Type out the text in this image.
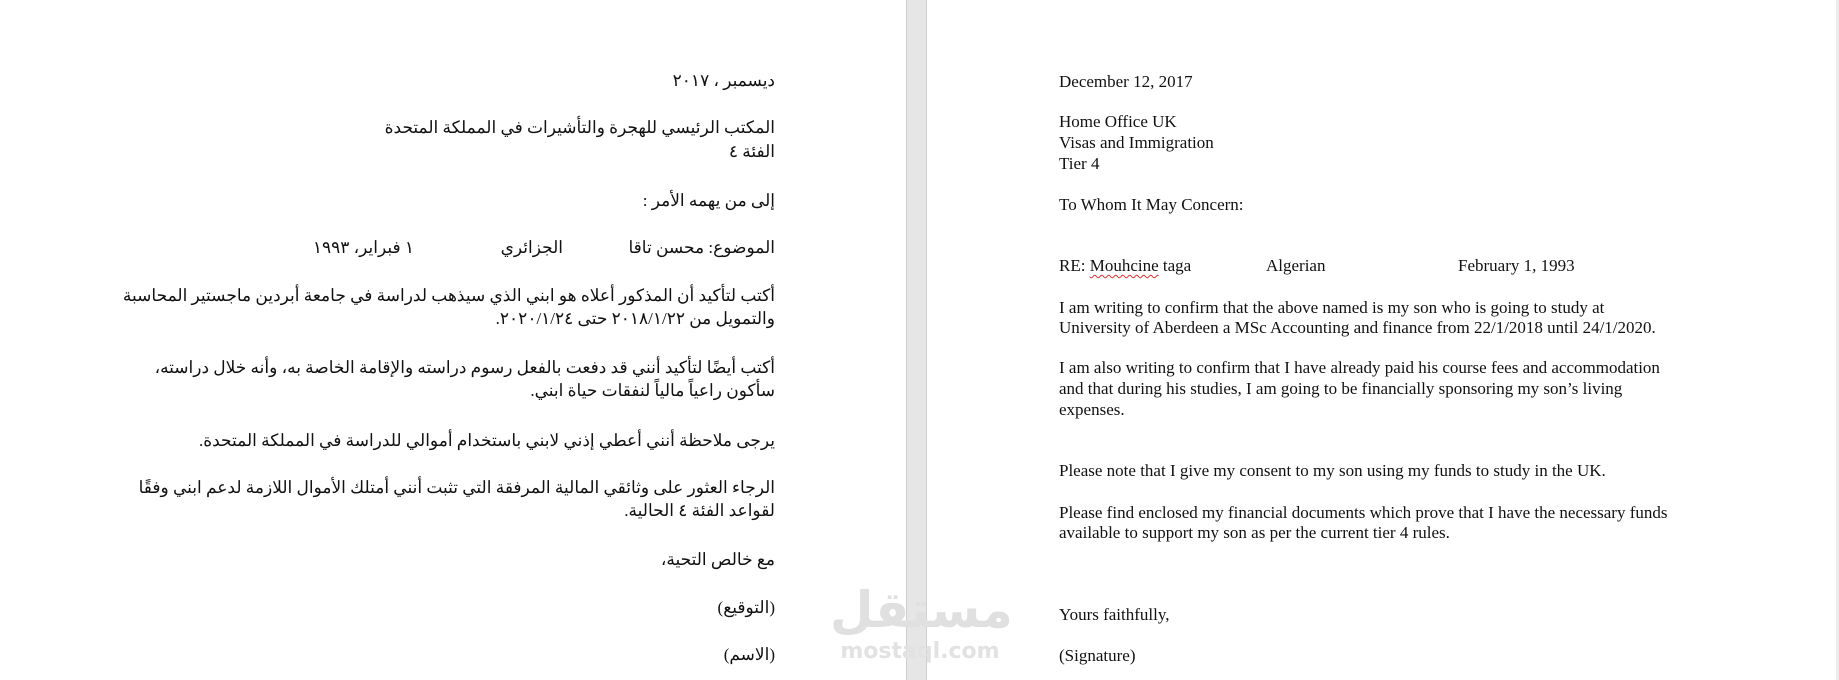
ديسمبر ، ٢٠١٧
المكتب الرئيسي للهجرة والتأشيرات في المملكة المتحدة
الفئة ٤
إلى من يهمه الأمر :
الموضوع: محسن تاقا
الجزائري
١ فبراير، ١٩٩٣
أكتب لتأكيد أن المذكور أعلاه هو ابني الذي سيذهب لدراسة في جامعة أبردين ماجستير المحاسبة
والتمويل من ٢٠١٨/١/٢٢ حتى ٢٠٢٠/١/٢٤.
أكتب أيضًا لتأكيد أنني قد دفعت بالفعل رسوم دراسته والإقامة الخاصة به، وأنه خلال دراسته،
سأكون راعياً مالياً لنفقات حياة ابني.
يرجى ملاحظة أنني أعطي إذني لابني باستخدام أموالي للدراسة في المملكة المتحدة.
الرجاء العثور على وثائقي المالية المرفقة التي تثبت أنني أمتلك الأموال اللازمة لدعم ابني وفقًا
لقواعد الفئة ٤ الحالية.
مع خالص التحية،
(التوقيع)
(الاسم)
December 12, 2017
Home Office UK
Visas and Immigration
Tier 4
To Whom It May Concern:
RE: Mouhcine taga	Algerian	February 1, 1993
I am writing to confirm that the above named is my son who is going to study at
University of Aberdeen a MSc Accounting and finance from 22/1/2018 until 24/1/2020.
I am also writing to confirm that I have already paid his course fees and accommodation
and that during his studies, I am going to be financially sponsoring my son’s living
expenses.
Please note that I give my consent to my son using my funds to study in the UK.
Please find enclosed my financial documents which prove that I have the necessary funds
available to support my son as per the current tier 4 rules.
Yours faithfully,
(Signature)
مستقل
mostaql.com
